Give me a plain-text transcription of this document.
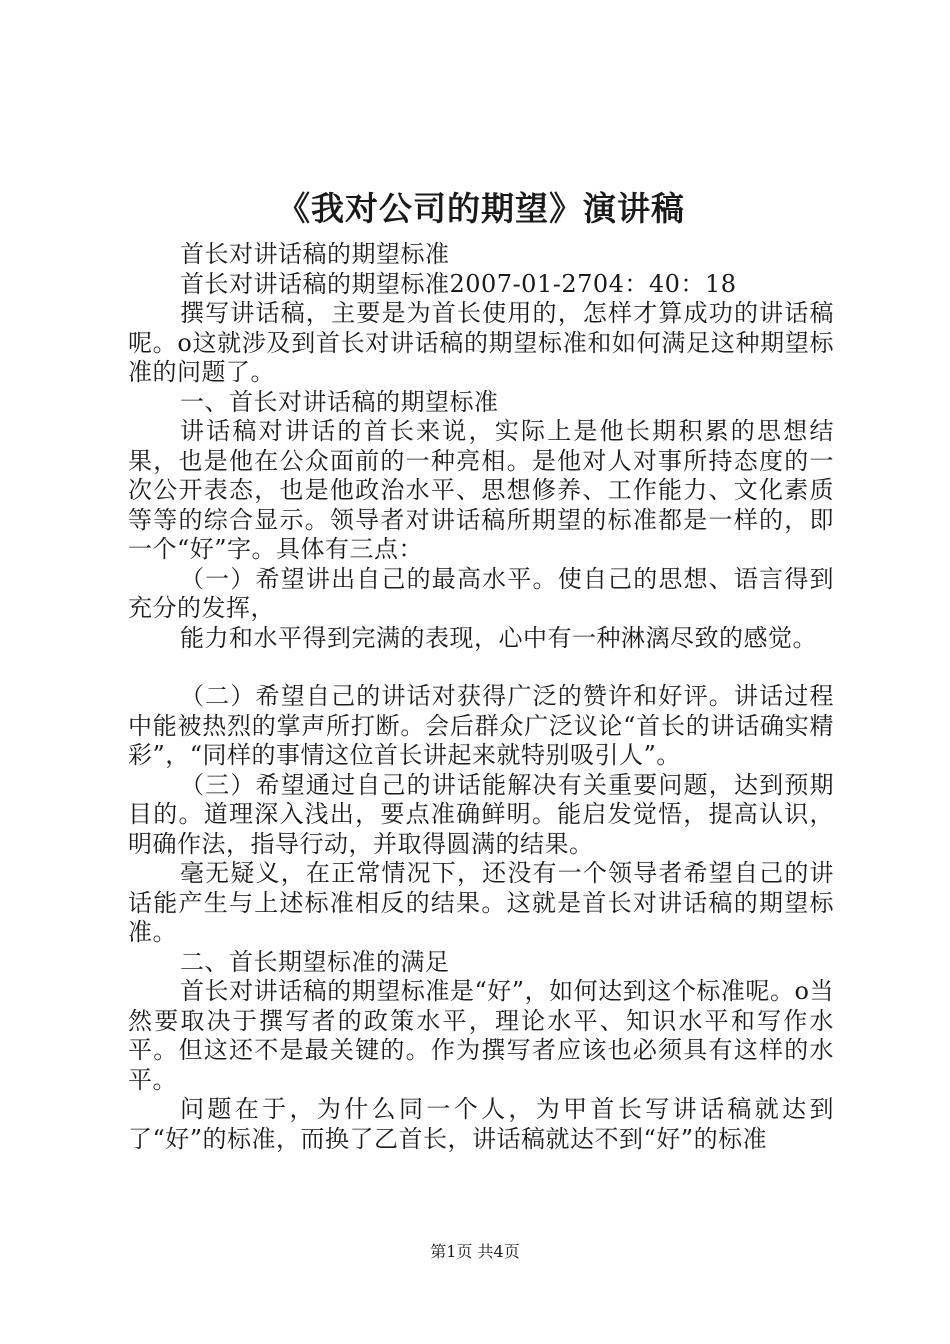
《我对公司的期望》演讲稿

首长对讲话稿的期望标准

首长对讲话稿的期望标准2007-01-2704：40：18

撰写讲话稿，主要是为首长使用的，怎样才算成功的讲话稿呢。o这就涉及到首长对讲话稿的期望标准和如何满足这种期望标准的问题了。

一、首长对讲话稿的期望标准

讲话稿对讲话的首长来说，实际上是他长期积累的思想结果，也是他在公众面前的一种亮相。是他对人对事所持态度的一次公开表态，也是他政治水平、思想修养、工作能力、文化素质等等的综合显示。领导者对讲话稿所期望的标准都是一样的，即一个“好”字。具体有三点：

（一）希望讲出自己的最高水平。使自己的思想、语言得到充分的发挥，

能力和水平得到完满的表现，心中有一种淋漓尽致的感觉。

（二）希望自己的讲话对获得广泛的赞许和好评。讲话过程中能被热烈的掌声所打断。会后群众广泛议论“首长的讲话确实精彩”，“同样的事情这位首长讲起来就特别吸引人”。

（三）希望通过自己的讲话能解决有关重要问题，达到预期目的。道理深入浅出，要点准确鲜明。能启发觉悟，提高认识，明确作法，指导行动，并取得圆满的结果。

毫无疑义，在正常情况下，还没有一个领导者希望自己的讲话能产生与上述标准相反的结果。这就是首长对讲话稿的期望标准。

二、首长期望标准的满足

首长对讲话稿的期望标准是“好”，如何达到这个标准呢。o当然要取决于撰写者的政策水平，理论水平、知识水平和写作水平。但这还不是最关键的。作为撰写者应该也必须具有这样的水平。

问题在于，为什么同一个人，为甲首长写讲话稿就达到了“好”的标准，而换了乙首长，讲话稿就达不到“好”的标准

第1页 共4页
